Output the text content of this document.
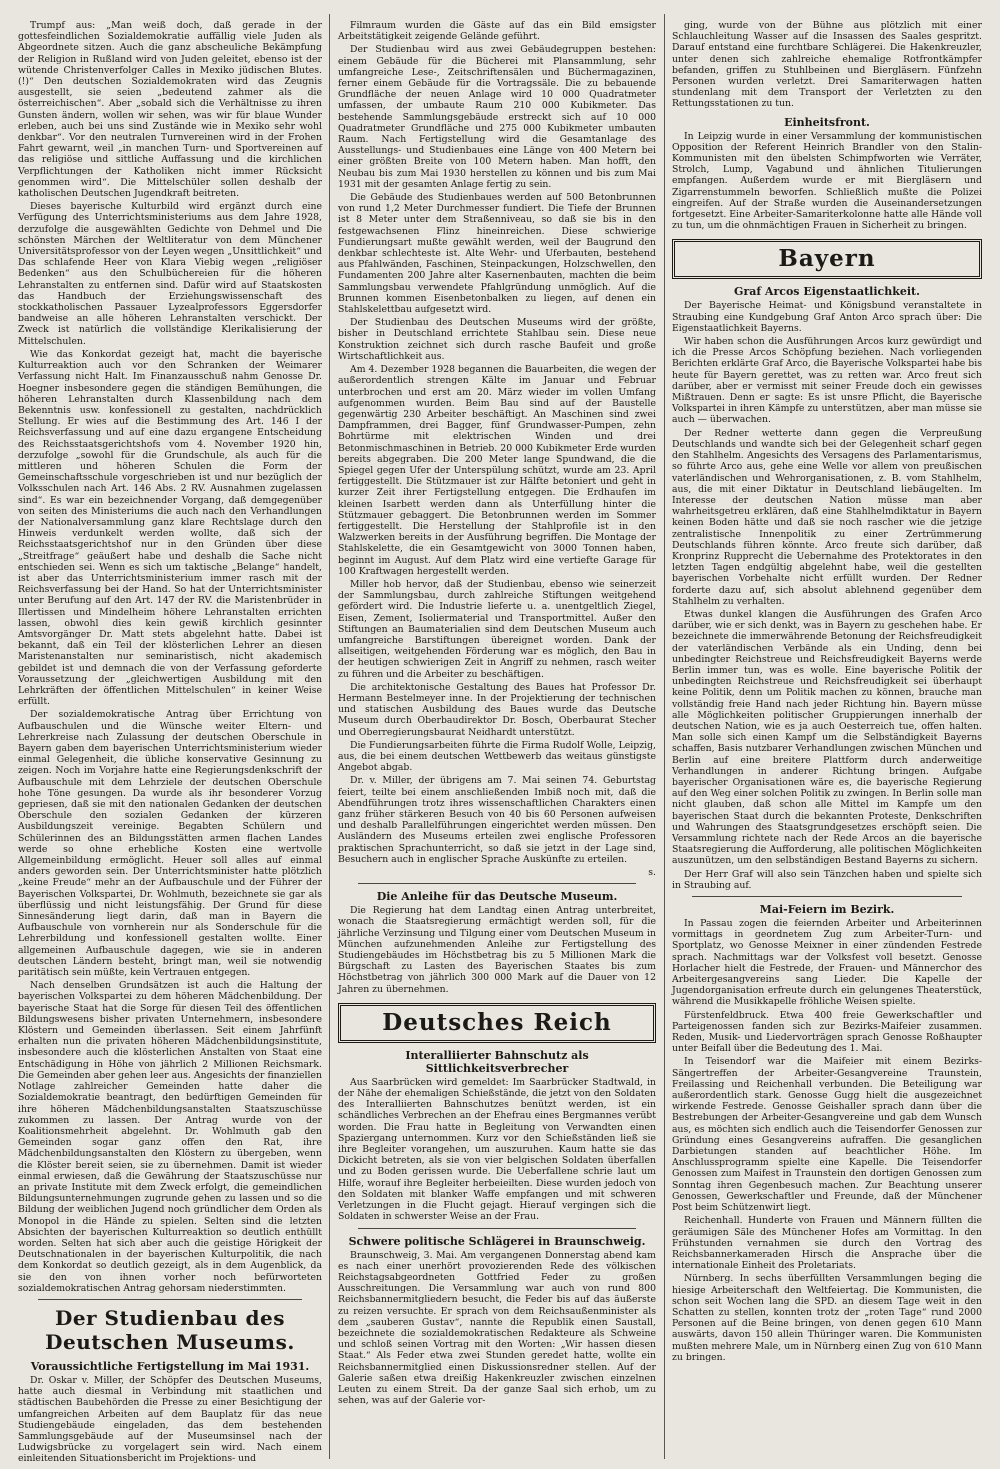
Trumpf aus: „Man weiß doch, daß gerade in der gottesfeindlichen Sozialdemokratie auffällig viele Juden als Abgeordnete sitzen. Auch die ganz abscheuliche Bekämpfung der Religion in Rußland wird von Juden geleitet, ebenso ist der wütende Christenverfolger Calles in Mexiko jüdischen Blutes.(!)“ Den deutschen Sozialdemokraten wird das Zeugnis ausgestellt, sie seien „bedeutend zahmer als die österreichischen“. Aber „sobald sich die Verhältnisse zu ihren Gunsten ändern, wollen wir sehen, was wir für blaue Wunder erleben, auch bei uns sind Zustände wie in Mexiko sehr wohl denkbar“. Vor den neutralen Turnvereinen wird in der Frohen Fahrt gewarnt, weil „in manchen Turn- und Sportvereinen auf das religiöse und sittliche Auffassung und die kirchlichen Verpflichtungen der Katholiken nicht immer Rücksicht genommen wird“. Die Mittelschüler sollen deshalb der katholischen Deutschen Jugendkraft beitreten.

Dieses bayerische Kulturbild wird ergänzt durch eine Verfügung des Unterrichtsministeriums aus dem Jahre 1928, derzufolge die ausgewählten Gedichte von Dehmel und Die schönsten Märchen der Weltliteratur von dem Münchener Universitätsprofessor von der Leyen wegen „Unsittlichkeit“ und Das schlafende Heer von Klara Viebig wegen „religiöser Bedenken“ aus den Schulbüchereien für die höheren Lehranstalten zu entfernen sind. Dafür wird auf Staatskosten das Handbuch der Erziehungswissenschaft des stockkatholischen Passauer Lyzealprofessors Eggersdorfer bandweise an alle höheren Lehranstalten verschickt. Der Zweck ist natürlich die vollständige Klerikalisierung der Mittelschulen.

Wie das Konkordat gezeigt hat, macht die bayerische Kulturreaktion auch vor den Schranken der Weimarer Verfassung nicht Halt. Im Finanzausschuß nahm Genosse Dr. Hoegner insbesondere gegen die ständigen Bemühungen, die höheren Lehranstalten durch Klassenbildung nach dem Bekenntnis usw. konfessionell zu gestalten, nachdrücklich Stellung. Er wies auf die Bestimmung des Art. 146 I der Reichsverfassung und auf eine dazu ergangene Entscheidung des Reichsstaatsgerichtshofs vom 4. November 1920 hin, derzufolge „sowohl für die Grundschule, als auch für die mittleren und höheren Schulen die Form der Gemeinschaftsschule vorgeschrieben ist und nur bezüglich der Volksschulen nach Art. 146 Abs. 2 RV. Ausnahmen zugelassen sind“. Es war ein bezeichnender Vorgang, daß demgegenüber von seiten des Ministeriums die auch nach den Verhandlungen der Nationalversammlung ganz klare Rechtslage durch den Hinweis verdunkelt werden wollte, daß sich der Reichsstaatsgerichtshof nur in den Gründen über diese „Streitfrage“ geäußert habe und deshalb die Sache nicht entschieden sei. Wenn es sich um taktische „Belange“ handelt, ist aber das Unterrichtsministerium immer rasch mit der Reichsverfassung bei der Hand. So hat der Unterrichtsminister unter Berufung auf den Art. 147 der RV. die Maristenbrüder in Illertissen und Mindelheim höhere Lehranstalten errichten lassen, obwohl dies kein gewiß kirchlich gesinnter Amtsvorgänger Dr. Matt stets abgelehnt hatte. Dabei ist bekannt, daß ein Teil der klösterlichen Lehrer an diesen Maristenanstalten nur seminaristisch, nicht akademisch gebildet ist und demnach die von der Verfassung geforderte Voraussetzung der „gleichwertigen Ausbildung mit den Lehrkräften der öffentlichen Mittelschulen“ in keiner Weise erfüllt.

Der sozialdemokratische Antrag über Errichtung von Aufbauschulen und die Wünsche weiter Eltern- und Lehrerkreise nach Zulassung der deutschen Oberschule in Bayern gaben dem bayerischen Unterrichtsministerium wieder einmal Gelegenheit, die übliche konservative Gesinnung zu zeigen. Noch im Vorjahre hatte eine Regierungsdenkschrift der Aufbauschule mit dem Lehrziele der deutschen Oberschule hohe Töne gesungen. Da wurde als ihr besonderer Vorzug gepriesen, daß sie mit den nationalen Gedanken der deutschen Oberschule den sozialen Gedanken der kürzeren Ausbildungszeit vereinige. Begabten Schülern und Schülerinnen des an Bildungsstätten armen flachen Landes werde so ohne erhebliche Kosten eine wertvolle Allgemeinbildung ermöglicht. Heuer soll alles auf einmal anders geworden sein. Der Unterrichtsminister hatte plötzlich „keine Freude“ mehr an der Aufbauschule und der Führer der Bayerischen Volkspartei, Dr. Wohlmuth, bezeichnete sie gar als überflüssig und nicht leistungsfähig. Der Grund für diese Sinnesänderung liegt darin, daß man in Bayern die Aufbauschule von vornherein nur als Sonderschule für die Lehrerbildung und konfessionell gestalten wollte. Einer allgemeinen Aufbauschule dagegen, wie sie in anderen deutschen Ländern besteht, bringt man, weil sie notwendig paritätisch sein müßte, kein Vertrauen entgegen.

Nach denselben Grundsätzen ist auch die Haltung der bayerischen Volkspartei zu dem höheren Mädchenbildung. Der bayerische Staat hat die Sorge für diesen Teil des öffentlichen Bildungswesens bisher privaten Unternehmern, insbesondere Klöstern und Gemeinden überlassen. Seit einem Jahrfünft erhalten nun die privaten höheren Mädchenbildungsinstitute, insbesondere auch die klösterlichen Anstalten von Staat eine Entschädigung in Höhe von jährlich 2 Millionen Reichsmark. Die Gemeinden aber gehen leer aus. Angesichts der finanziellen Notlage zahlreicher Gemeinden hatte daher die Sozialdemokratie beantragt, den bedürftigen Gemeinden für ihre höheren Mädchenbildungsanstalten Staatszuschüsse zukommen zu lassen. Der Antrag wurde von der Koalitionsmehrheit abgelehnt. Dr. Wohlmuth gab den Gemeinden sogar ganz offen den Rat, ihre Mädchenbildungsanstalten den Klöstern zu übergeben, wenn die Klöster bereit seien, sie zu übernehmen. Damit ist wieder einmal erwiesen, daß die Gewährung der Staatszuschüsse nur an private Institute mit dem Zweck erfolgt, die gemeindlichen Bildungsunternehmungen zugrunde gehen zu lassen und so die Bildung der weiblichen Jugend noch gründlicher dem Orden als Monopol in die Hände zu spielen. Selten sind die letzten Absichten der bayerischen Kulturreaktion so deutlich enthüllt worden. Selten hat sich aber auch die geistige Hörigkeit der Deutschnationalen in der bayerischen Kulturpolitik, die nach dem Konkordat so deutlich gezeigt, als in dem Augenblick, da sie den von ihnen vorher noch befürworteten sozialdemokratischen Antrag gehorsam niederstimmten.

Der Studienbau des Deutschen Museums.
Voraussichtliche Fertigstellung im Mai 1931.

Dr. Oskar v. Miller, der Schöpfer des Deutschen Museums, hatte auch diesmal in Verbindung mit staatlichen und städtischen Baubehörden die Presse zu einer Besichtigung der umfangreichen Arbeiten auf dem Bauplatz für das neue Studiengebäude eingeladen, das dem bestehenden Sammlungsgebäude auf der Museumsinsel nach der Ludwigsbrücke zu vorgelagert sein wird. Nach einem einleitenden Situationsbericht im Projektions- und

Filmraum wurden die Gäste auf das ein Bild emsigster Arbeitstätigkeit zeigende Gelände geführt.

Der Studienbau wird aus zwei Gebäudegruppen bestehen: einem Gebäude für die Bücherei mit Plansammlung, sehr umfangreiche Lese-, Zeitschriftensälen und Büchermagazinen, ferner einem Gebäude für die Vortragssäle. Die zu bebauende Grundfläche der neuen Anlage wird 10 000 Quadratmeter umfassen, der umbaute Raum 210 000 Kubikmeter. Das bestehende Sammlungsgebäude erstreckt sich auf 10 000 Quadratmeter Grundfläche und 275 000 Kubikmeter umbauten Raum. Nach Fertigstellung wird die Gesamtanlage des Ausstellungs- und Studienbaues eine Länge von 400 Metern bei einer größten Breite von 100 Metern haben. Man hofft, den Neubau bis zum Mai 1930 herstellen zu können und bis zum Mai 1931 mit der gesamten Anlage fertig zu sein.

Die Gebäude des Studienbaues werden auf 500 Betonbrunnen von rund 1,2 Meter Durchmesser fundiert. Die Tiefe der Brunnen ist 8 Meter unter dem Straßenniveau, so daß sie bis in den festgewachsenen Flinz hineinreichen. Diese schwierige Fundierungsart mußte gewählt werden, weil der Baugrund den denkbar schlechteste ist. Alte Wehr- und Uferbauten, bestehend aus Pfahlwänden, Faschinen, Steinpackungen, Holzschwellen, den Fundamenten 200 Jahre alter Kasernenbauten, machten die beim Sammlungsbau verwendete Pfahlgründung unmöglich. Auf die Brunnen kommen Eisenbetonbalken zu liegen, auf denen ein Stahlskelettbau aufgesetzt wird.

Der Studienbau des Deutschen Museums wird der größte, bisher in Deutschland errichtete Stahlbau sein. Diese neue Konstruktion zeichnet sich durch rasche Baufeit und große Wirtschaftlichkeit aus.

Am 4. Dezember 1928 begannen die Bauarbeiten, die wegen der außerordentlich strengen Kälte im Januar und Februar unterbrochen und erst am 20. März wieder im vollen Umfang aufgenommen wurden. Beim Bau sind auf der Baustelle gegenwärtig 230 Arbeiter beschäftigt. An Maschinen sind zwei Dampframmen, drei Bagger, fünf Grundwasser-Pumpen, zehn Bohrtürme mit elektrischen Winden und drei Betonmischmaschinen in Betrieb. 20 000 Kubikmeter Erde wurden bereits abgegraben. Die 200 Meter lange Spundwand, die die Spiegel gegen Ufer der Unterspülung schützt, wurde am 23. April fertiggestellt. Die Stützmauer ist zur Hälfte betoniert und geht in kurzer Zeit ihrer Fertigstellung entgegen. Die Erdhaufen im kleinen Isarbett werden dann als Unterfüllung hinter die Stützmauer gebaggert. Die Betonbrunnen werden im Sommer fertiggestellt. Die Herstellung der Stahlprofile ist in den Walzwerken bereits in der Ausführung begriffen. Die Montage der Stahlskelette, die ein Gesamtgewicht von 3000 Tonnen haben, beginnt im August. Auf dem Platz wird eine vertiefte Garage für 100 Kraftwagen hergestellt werden.

Miller hob hervor, daß der Studienbau, ebenso wie seinerzeit der Sammlungsbau, durch zahlreiche Stiftungen weitgehend gefördert wird. Die Industrie lieferte u. a. unentgeltlich Ziegel, Eisen, Zement, Isoliermaterial und Transportmittel. Außer den Stiftungen an Baumaterialien sind dem Deutschen Museum auch umfangreiche Barstiftungen übereignet worden. Dank der allseitigen, weitgehenden Förderung war es möglich, den Bau in der heutigen schwierigen Zeit in Angriff zu nehmen, rasch weiter zu führen und die Arbeiter zu beschäftigen.

Die architektonische Gestaltung des Baues hat Professor Dr. Hermann Bestelmeyer inne. In der Projektierung der technischen und statischen Ausbildung des Baues wurde das Deutsche Museum durch Oberbaudirektor Dr. Bosch, Oberbaurat Stecher und Oberregierungsbaurat Neidhardt unterstützt.

Die Fundierungsarbeiten führte die Firma Rudolf Wolle, Leipzig, aus, die bei einem deutschen Wettbewerb das weitaus günstigste Angebot abgab.

Dr. v. Miller, der übrigens am 7. Mai seinen 74. Geburtstag feiert, teilte bei einem anschließenden Imbiß noch mit, daß die Abendführungen trotz ihres wissenschaftlichen Charakters einen ganz früher stärkeren Besuch von 40 bis 60 Personen aufweisen und deshalb Parallelführungen eingerichtet werden müssen. Den Ausländern des Museums erteilen zwei englische Professoren praktischen Sprachunterricht, so daß sie jetzt in der Lage sind, Besuchern auch in englischer Sprache Auskünfte zu erteilen.

s.
Die Anleihe für das Deutsche Museum.

Die Regierung hat dem Landtag einen Antrag unterbreitet, wonach die Staatsregierung ermächtigt werden soll, für die jährliche Verzinsung und Tilgung einer vom Deutschen Museum in München aufzunehmenden Anleihe zur Fertigstellung des Studiengebäudes im Höchstbetrag bis zu 5 Millionen Mark die Bürgschaft zu Lasten des Bayerischen Staates bis zum Höchstbetrag von jährlich 300 000 Mark auf die Dauer von 12 Jahren zu übernehmen.

Deutsches Reich
Interalliierter Bahnschutz als Sittlichkeitsverbrecher

Aus Saarbrücken wird gemeldet: Im Saarbrücker Stadtwald, in der Nähe der ehemaligen Schießstände, die jetzt von den Soldaten des Interalliierten Bahnschutzes benützt werden, ist ein schändliches Verbrechen an der Ehefrau eines Bergmannes verübt worden. Die Frau hatte in Begleitung von Verwandten einen Spaziergang unternommen. Kurz vor den Schießständen ließ sie ihre Begleiter vorangehen, um auszuruhen. Kaum hatte sie das Dickicht betreten, als sie von vier belgischen Soldaten überfallen und zu Boden gerissen wurde. Die Ueberfallene schrie laut um Hilfe, worauf ihre Begleiter herbeieilten. Diese wurden jedoch von den Soldaten mit blanker Waffe empfangen und mit schweren Verletzungen in die Flucht gejagt. Hierauf vergingen sich die Soldaten in schwerster Weise an der Frau.

Schwere politische Schlägerei in Braunschweig.

Braunschweig, 3. Mai. Am vergangenen Donnerstag abend kam es nach einer unerhört provozierenden Rede des völkischen Reichstagsabgeordneten Gottfried Feder zu großen Ausschreitungen. Die Versammlung war auch von rund 800 Reichsbannermitgliedern besucht, die Feder bis auf das äußerste zu reizen versuchte. Er sprach von dem Reichsaußenminister als dem „sauberen Gustav“, nannte die Republik einen Saustall, bezeichnete die sozialdemokratischen Redakteure als Schweine und schloß seinen Vortrag mit den Worten: „Wir hassen diesen Staat.“ Als Feder etwa zwei Stunden geredet hatte, wollte ein Reichsbannermitglied einen Diskussionsredner stellen. Auf der Galerie saßen etwa dreißig Hakenkreuzler zwischen einzelnen Leuten zu einem Streit. Da der ganze Saal sich erhob, um zu sehen, was auf der Galerie vor-

ging, wurde von der Bühne aus plötzlich mit einer Schlauchleitung Wasser auf die Insassen des Saales gespritzt. Darauf entstand eine furchtbare Schlägerei. Die Hakenkreuzler, unter denen sich zahlreiche ehemalige Rotfrontkämpfer befanden, griffen zu Stuhlbeinen und Biergläsern. Fünfzehn Personen wurden verletzt. Drei Samariterwagen hatten stundenlang mit dem Transport der Verletzten zu den Rettungsstationen zu tun.

Einheitsfront.

In Leipzig wurde in einer Versammlung der kommunistischen Opposition der Referent Heinrich Brandler von den Stalin-Kommunisten mit den übelsten Schimpfworten wie Verräter, Strolch, Lump, Vagabund und ähnlichen Titulierungen empfangen. Außerdem wurde er mit Biergläsern und Zigarrenstummeln beworfen. Schließlich mußte die Polizei eingreifen. Auf der Straße wurden die Auseinandersetzungen fortgesetzt. Eine Arbeiter-Samariterkolonne hatte alle Hände voll zu tun, um die ohnmächtigen Frauen in Sicherheit zu bringen.

Bayern
Graf Arcos Eigenstaatlichkeit.

Der Bayerische Heimat- und Königsbund veranstaltete in Straubing eine Kundgebung Graf Anton Arco sprach über: Die Eigenstaatlichkeit Bayerns.

Wir haben schon die Ausführungen Arcos kurz gewürdigt und ich die Presse Arcos Schöpfung beziehen. Nach vorliegenden Berichten erklärte Graf Arco, die Bayerische Volkspartei habe bis heute für Bayern gerettet, was zu retten war. Arco freut sich darüber, aber er vermisst mit seiner Freude doch ein gewisses Mißtrauen. Denn er sagte: Es ist unsre Pflicht, die Bayerische Volkspartei in ihren Kämpfe zu unterstützen, aber man müsse sie auch — überwachen.

Der Redner wetterte dann gegen die Verpreußung Deutschlands und wandte sich bei der Gelegenheit scharf gegen den Stahlhelm. Angesichts des Versagens des Parlamentarismus, so führte Arco aus, gehe eine Welle vor allem von preußischen vaterländischen und Wehrorganisationen, z. B. vom Stahlhelm, aus, die mit einer Diktatur in Deutschland liebäugelten. Im Interesse der deutschen Nation müsse man aber wahrheitsgetreu erklären, daß eine Stahlhelmdiktatur in Bayern keinen Boden hätte und daß sie noch rascher wie die jetzige zentralistische Innenpolitik zu einer Zertrümmerung Deutschlands führen könnte. Arco freute sich darüber, daß Kronprinz Rupprecht die Uebernahme des Protektorates in den letzten Tagen endgültig abgelehnt habe, weil die gestellten bayerischen Vorbehalte nicht erfüllt wurden. Der Redner forderte dazu auf, sich absolut ablehnend gegenüber dem Stahlhelm zu verhalten.

Etwas dunkel klangen die Ausführungen des Grafen Arco darüber, wie er sich denkt, was in Bayern zu geschehen habe. Er bezeichnete die immerwährende Betonung der Reichsfreudigkeit der vaterländischen Verbände als ein Unding, denn bei unbedingter Reichstreue und Reichsfreudigkeit Bayerns werde Berlin immer tun, was es wolle. Eine bayerische Politik der unbedingten Reichstreue und Reichsfreudigkeit sei überhaupt keine Politik, denn um Politik machen zu können, brauche man vollständig freie Hand nach jeder Richtung hin. Bayern müsse alle Möglichkeiten politischer Gruppierungen innerhalb der deutschen Nation, wie es ja auch Oesterreich tue, offen halten. Man solle sich einen Kampf um die Selbständigkeit Bayerns schaffen, Basis nutzbarer Verhandlungen zwischen München und Berlin auf eine breitere Plattform durch anderweitige Verhandlungen in anderer Richtung bringen. Aufgabe bayerischer Organisationen wäre es, die bayerische Regierung auf den Weg einer solchen Politik zu zwingen. In Berlin solle man nicht glauben, daß schon alle Mittel im Kampfe um den bayerischen Staat durch die bekannten Proteste, Denkschriften und Wahrungen des Staatsgrundgesetzes erschöpft seien. Die Versammlung richtete nach der Rede Arcos an die bayerische Staatsregierung die Aufforderung, alle politischen Möglichkeiten auszunützen, um den selbständigen Bestand Bayerns zu sichern.

Der Herr Graf will also sein Tänzchen haben und spielte sich in Straubing auf.

Mai-Feiern im Bezirk.

In Passau zogen die feiernden Arbeiter und Arbeiterinnen vormittags in geordnetem Zug zum Arbeiter-Turn- und Sportplatz, wo Genosse Meixner in einer zündenden Festrede sprach. Nachmittags war der Volksfest voll besetzt. Genosse Horlacher hielt die Festrede, der Frauen- und Männerchor des Arbeitergesangvereins sang Lieder. Die Kapelle der Jugendorganisation erfreute durch ein gelungenes Theaterstück, während die Musikkapelle fröhliche Weisen spielte.

Fürstenfeldbruck. Etwa 400 freie Gewerkschaftler und Parteigenossen fanden sich zur Bezirks-Maifeier zusammen. Reden, Musik- und Liedervorträgen sprach Genosse Roßhaupter unter Beifall über die Bedeutung des 1. Mai.

In Teisendorf war die Maifeier mit einem Bezirks-Sängertreffen der Arbeiter-Gesangvereine Traunstein, Freilassing und Reichenhall verbunden. Die Beteiligung war außerordentlich stark. Genosse Gugg hielt die ausgezeichnet wirkende Festrede. Genosse Geishaller sprach dann über die Bestrebungen der Arbeiter-Gesangvereine und gab dem Wunsch aus, es möchten sich endlich auch die Teisendorfer Genossen zur Gründung eines Gesangvereins aufraffen. Die gesanglichen Darbietungen standen auf beachtlicher Höhe. Im Anschlussprogramm spielte eine Kapelle. Die Teisendorfer Genossen zum Maifest in Traunstein den dortigen Genossen zum Sonntag ihren Gegenbesuch machen. Zur Beachtung unserer Genossen, Gewerkschaftler und Freunde, daß der Münchener Post beim Schützenwirt liegt.

Reichenhall. Hunderte von Frauen und Männern füllten die geräumigen Säle des Münchener Hofes am Vormittag. In den Frühstunden vernahmen sie durch den Vortrag des Reichsbannerkameraden Hirsch die Ansprache über die internationale Einheit des Proletariats.

Nürnberg. In sechs überfüllten Versammlungen beging die hiesige Arbeiterschaft den Weltfeiertag. Die Kommunisten, die schon seit Wochen lang die SPD. an diesem Tage weit in den Schatten zu stellen, konnten trotz der „roten Tage“ rund 2000 Personen auf die Beine bringen, von denen gegen 610 Mann auswärts, davon 150 allein Thüringer waren. Die Kommunisten mußten mehrere Male, um in Nürnberg einen Zug von 610 Mann zu bringen.
